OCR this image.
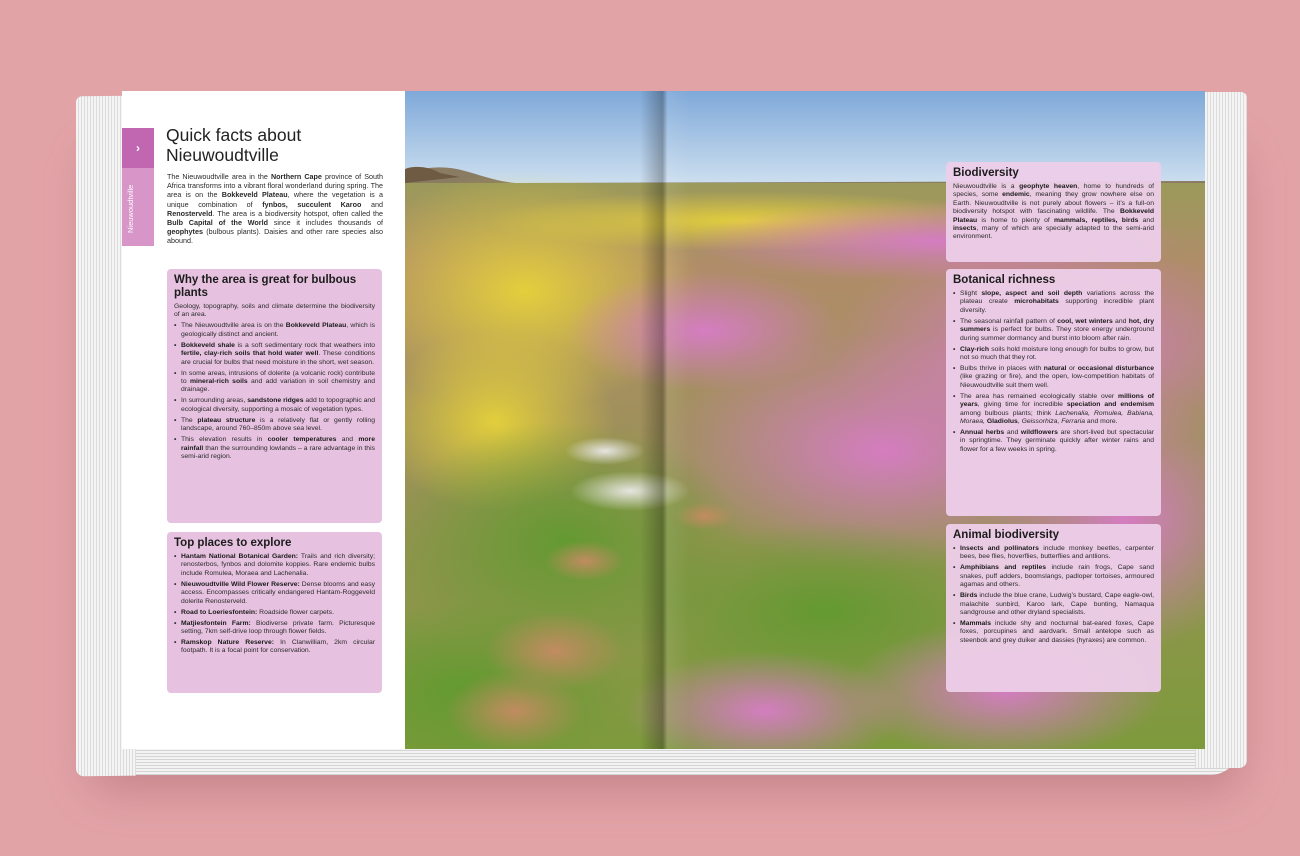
›
Nieuwoudtville
Quick facts about Nieuwoudtville

The Nieuwoudtville area in the Northern Cape province of South Africa transforms into a vibrant floral wonderland during spring. The area is on the Bokkeveld Plateau, where the vegetation is a unique combination of fynbos, succulent Karoo and Renosterveld. The area is a biodiversity hotspot, often called the Bulb Capital of the World since it includes thousands of geophytes (bulbous plants). Daisies and other rare species also abound.

Why the area is great for bulbous plants

Geology, topography, soils and climate determine the biodiversity of an area.

• The Nieuwoudtville area is on the Bokkeveld Plateau, which is geologically distinct and ancient.
• Bokkeveld shale is a soft sedimentary rock that weathers into fertile, clay-rich soils that hold water well. These conditions are crucial for bulbs that need moisture in the short, wet season.
• In some areas, intrusions of dolerite (a volcanic rock) contribute to mineral-rich soils and add variation in soil chemistry and drainage.
• In surrounding areas, sandstone ridges add to topographic and ecological diversity, supporting a mosaic of vegetation types.
• The plateau structure is a relatively flat or gently rolling landscape, around 760–850m above sea level.
• This elevation results in cooler temperatures and more rainfall than the surrounding lowlands – a rare advantage in this semi-arid region.
Top places to explore
• Hantam National Botanical Garden: Trails and rich diversity; renosterbos, fynbos and dolomite koppies. Rare endemic bulbs include Romulea, Moraea and Lachenalia.
• Nieuwoudtville Wild Flower Reserve: Dense blooms and easy access. Encompasses critically endangered Hantam-Roggeveld dolerite Renosterveld.
• Road to Loeriesfontein: Roadside flower carpets.
• Matjiesfontein Farm: Biodiverse private farm. Picturesque setting, 7km self-drive loop through flower fields.
• Ramskop Nature Reserve: In Clanwilliam, 2km circular footpath. It is a focal point for conservation.
Biodiversity

Nieuwoudtville is a geophyte heaven, home to hundreds of species, some endemic, meaning they grow nowhere else on Earth. Nieuwoudtville is not purely about flowers – it’s a full-on biodiversity hotspot with fascinating wildlife. The Bokkeveld Plateau is home to plenty of mammals, reptiles, birds and insects, many of which are specially adapted to the semi-arid environment.

Botanical richness
• Slight slope, aspect and soil depth variations across the plateau create microhabitats supporting incredible plant diversity.
• The seasonal rainfall pattern of cool, wet winters and hot, dry summers is perfect for bulbs. They store energy underground during summer dormancy and burst into bloom after rain.
• Clay-rich soils hold moisture long enough for bulbs to grow, but not so much that they rot.
• Bulbs thrive in places with natural or occasional disturbance (like grazing or fire), and the open, low-competition habitats of Nieuwoudtville suit them well.
• The area has remained ecologically stable over millions of years, giving time for incredible speciation and endemism among bulbous plants; think Lachenalia, Romulea, Babiana, Moraea, Gladiolus, Geissorhiza, Ferraria and more.
• Annual herbs and wildflowers are short-lived but spectacular in springtime. They germinate quickly after winter rains and flower for a few weeks in spring.
Animal biodiversity
• Insects and pollinators include monkey beetles, carpenter bees, bee flies, hoverflies, butterflies and antlions.
• Amphibians and reptiles include rain frogs, Cape sand snakes, puff adders, boomslangs, padloper tortoises, armoured agamas and others.
• Birds include the blue crane, Ludwig’s bustard, Cape eagle-owl, malachite sunbird, Karoo lark, Cape bunting, Namaqua sandgrouse and other dryland specialists.
• Mammals include shy and nocturnal bat-eared foxes, Cape foxes, porcupines and aardvark. Small antelope such as steenbok and grey duiker and dassies (hyraxes) are common.
